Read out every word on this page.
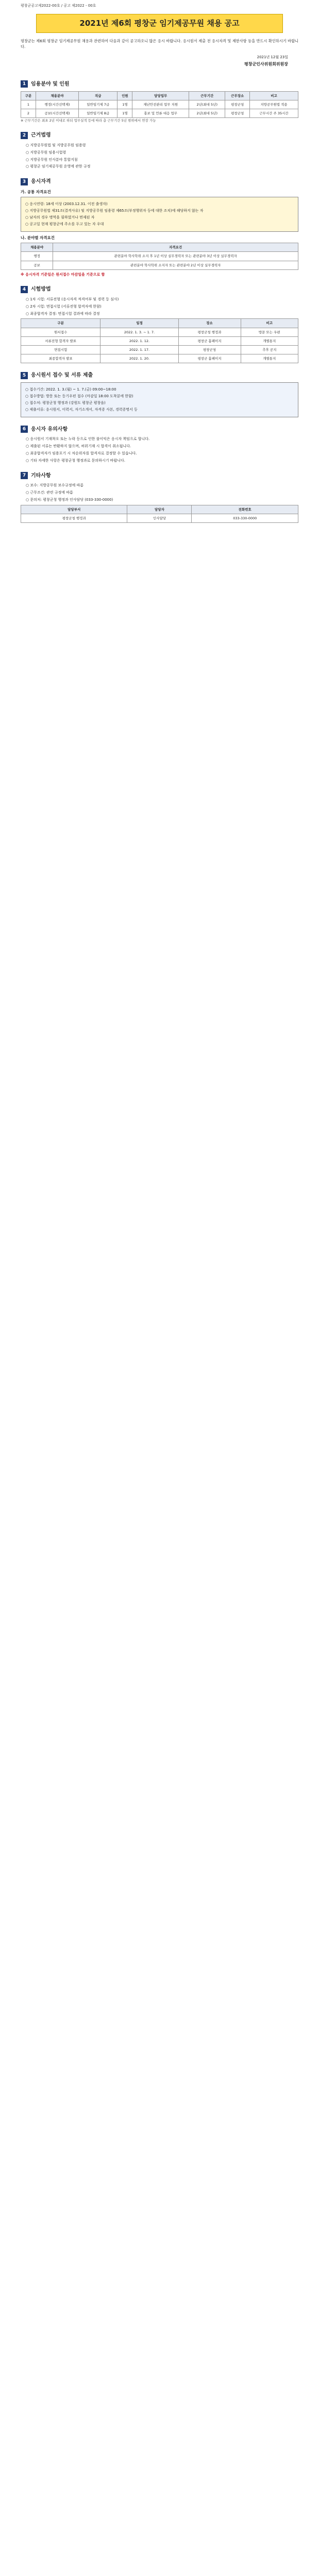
평창군공고제2022-00호 / 공고 제2022 - 00호
2021년 제6회 평창군 임기제공무원 채용 공고
평창군는 제6회 평창군 임기제공무원 채용과 관련하여 다음과 같이 공고하오니 많은 응시 바랍니다. 응시원서 제출 전 응시자격 및 제한사항 등을 반드시 확인하시기 바랍니다.
2021년 12월 23일
평창군인사위원회위원장
1 임용분야 및 인원
구분	채용분야	직급	인원	담당업무	근무기간	근무장소	비고
1	행정(시간선택제)	일반임기제 7급	1명	재난안전관리 업무 지원	2년(최대 5년)	평창군청	지방공무원법 적용
2	공보(시간선택제)	일반임기제 8급	1명	홍보 및 언론 대응 업무	2년(최대 5년)	평창군청	근무시간 주 35시간
※ 근무기간은 최초 2년 이내로 하되 업무실적 등에 따라 총 근무기간 5년 범위에서 연장 가능
2 근거법령
○ 지방공무원법 및 지방공무원 임용령
○ 지방공무원 임용시험령
○ 지방공무원 인사분야 통합지침
○ 평창군 임기제공무원 운영에 관한 규정
3 응시자격
가. 공통 자격요건
○ 응시연령: 18세 이상 (2003.12.31. 이전 출생자)
○ 지방공무원법 제31조(결격사유) 및 지방공무원 임용령 제65조(부정행위자 등에 대한 조치)에 해당하지 않는 자
○ 남자의 경우 병역을 필하였거나 면제된 자
○ 공고일 현재 평창군에 주소를 두고 있는 자 우대
나. 분야별 자격요건
채용분야	자격요건
행정	관련분야 학사학위 소지 후 1년 이상 실무경력자 또는 관련분야 3년 이상 실무경력자
공보	관련분야 학사학위 소지자 또는 관련분야 2년 이상 실무경력자
※ 응시자격 기준일은 원서접수 마감일을 기준으로 함
4 시험방법
○ 1차 시험: 서류전형 (응시자격 적격여부 및 경력 등 심사)
○ 2차 시험: 면접시험 (서류전형 합격자에 한함)
○ 최종합격자 결정: 면접시험 결과에 따라 결정
구분	일정	장소	비고
원서접수	2022. 1. 3. ~ 1. 7.	평창군청 행정과	방문 또는 우편
서류전형 합격자 발표	2022. 1. 12.	평창군 홈페이지	개별통지
면접시험	2022. 1. 17.	평창군청	추후 공지
최종합격자 발표	2022. 1. 20.	평창군 홈페이지	개별통지
5 응시원서 접수 및 서류 제출
○ 접수기간: 2022. 1. 3.(월) ~ 1. 7.(금) 09:00~18:00
○ 접수방법: 방문 또는 등기우편 접수 (마감일 18:00 도착분에 한함)
○ 접수처: 평창군청 행정과 (강원도 평창군 평창읍)
○ 제출서류: 응시원서, 이력서, 자기소개서, 자격증 사본, 경력증명서 등
6 응시자 유의사항
○ 응시원서 기재착오 또는 누락 등으로 인한 불이익은 응시자 책임으로 합니다.
○ 제출된 서류는 반환하지 않으며, 허위기재 시 합격이 취소됩니다.
○ 최종합격자가 임용포기 시 차순위자를 합격자로 결정할 수 있습니다.
○ 기타 자세한 사항은 평창군청 행정과로 문의하시기 바랍니다.
7 기타사항
○ 보수: 지방공무원 보수규정에 따름
○ 근무조건: 관련 규정에 따름
○ 문의처: 평창군청 행정과 인사담당 (033-330-0000)
담당부서	담당자	전화번호
평창군청 행정과	인사담당	033-330-0000
